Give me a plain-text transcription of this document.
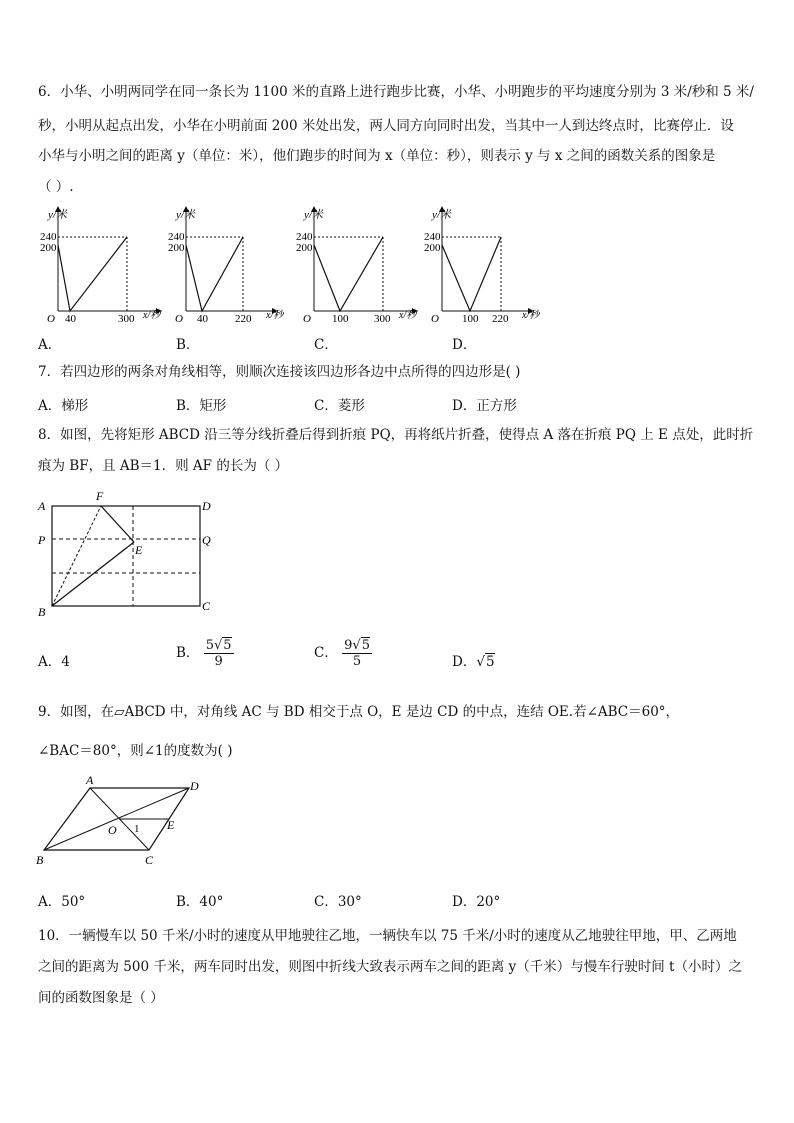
6．小华、小明两同学在同一条长为 1100 米的直路上进行跑步比赛，小华、小明跑步的平均速度分别为 3 米/秒和 5 米/
秒，小明从起点出发，小华在小明前面 200 米处出发，两人同方向同时出发，当其中一人到达终点时，比赛停止．设
小华与小明之间的距离 y（单位：米），他们跑步的时间为 x（单位：秒），则表示 y 与 x 之间的函数关系的图象是
（ ）.
y/米
240
200
O 40	300 x/秒
y/米
240
200
O 40 220 x/秒
y/米
240
200
O 100 300 x/秒
y/米
240
200
O 100 220 x/秒
A．	B．	C．	D．
7．若四边形的两条对角线相等，则顺次连接该四边形各边中点所得的四边形是( )
A．梯形	B．矩形	C．菱形	D．正方形
8．如图，先将矩形 ABCD 沿三等分线折叠后得到折痕 PQ，再将纸片折叠，使得点 A 落在折痕 PQ 上 E 点处，此时折
痕为 BF，且 AB＝1．则 AF 的长为（ ）
A
F
D
P	Q
E
B	C
A．4
B． $\frac{5√5}{9}$	C． $\frac{9√5}{5}$	D．√5
9．如图，在▱ABCD 中，对角线 AC 与 BD 相交于点 O，E 是边 CD 的中点，连结 OE.若∠ABC＝60°，
∠BAC＝80°，则∠1的度数为( )
A	D
O 1 E
B	C
A．50°	B．40°	C．30°	D．20°
10．一辆慢车以 50 千米/小时的速度从甲地驶往乙地，一辆快车以 75 千米/小时的速度从乙地驶往甲地，甲、乙两地
之间的距离为 500 千米，两车同时出发，则图中折线大致表示两车之间的距离 y（千米）与慢车行驶时间 t（小时）之
间的函数图象是（ ）
